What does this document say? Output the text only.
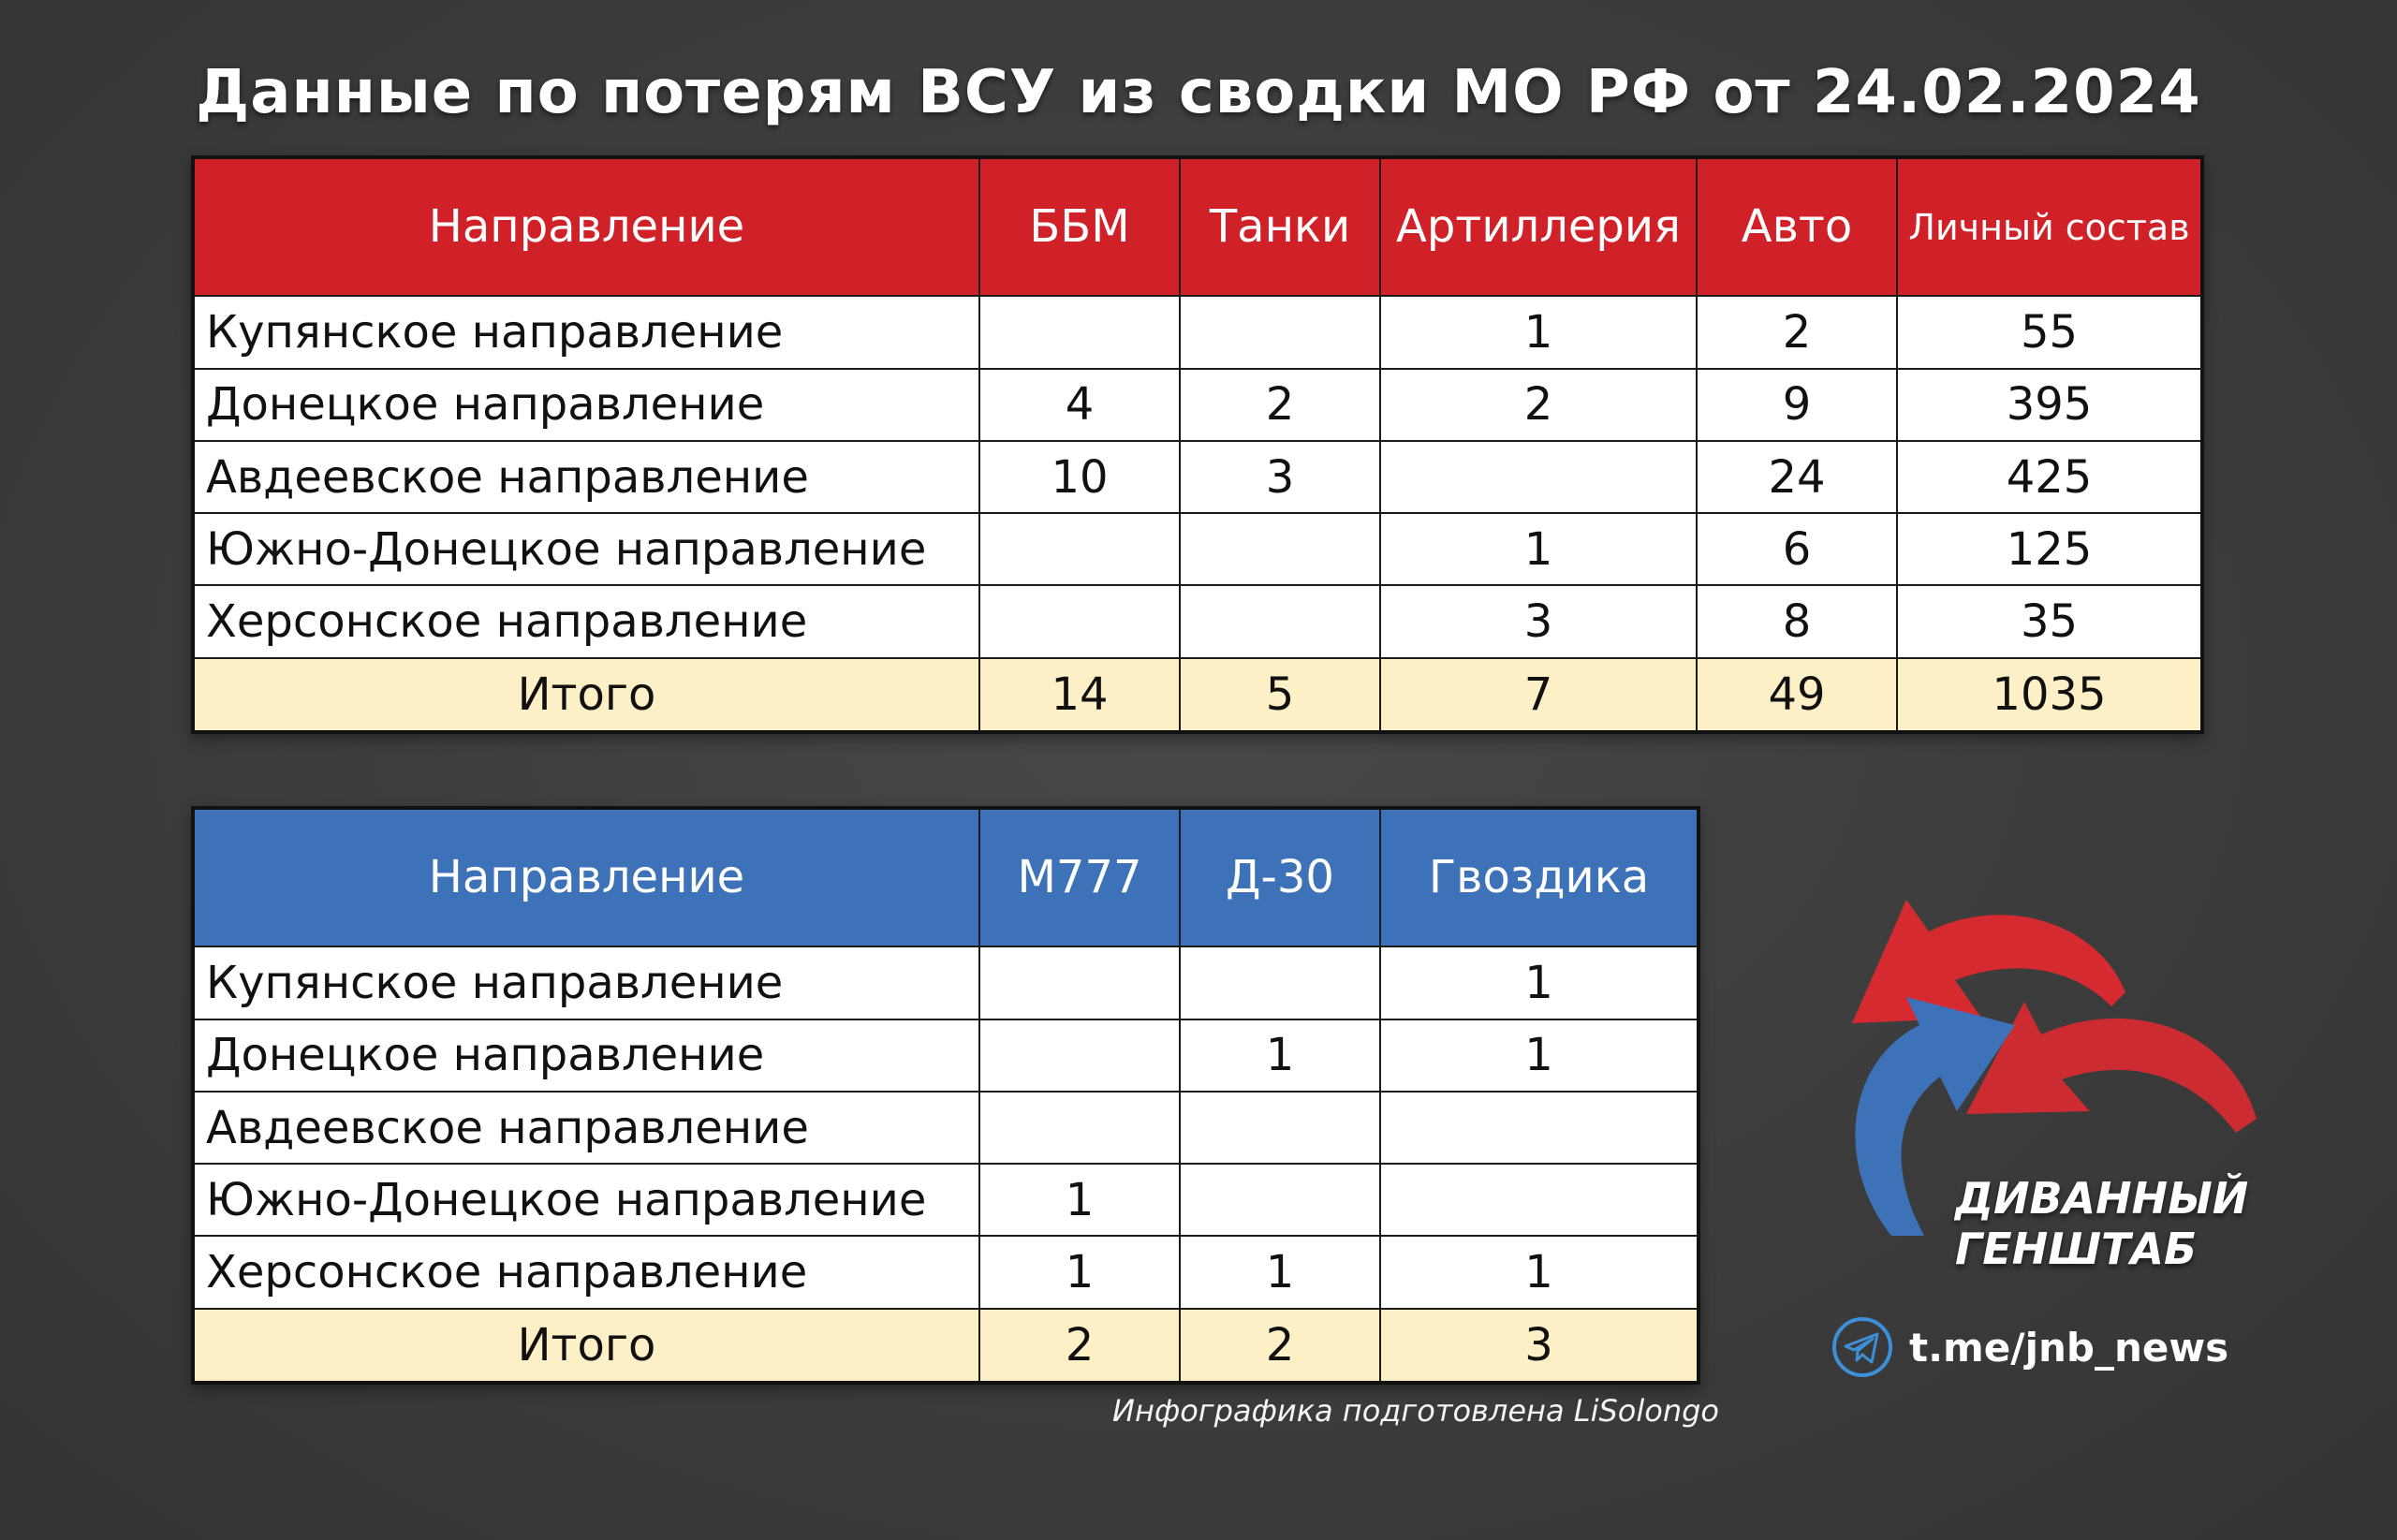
Данные по потерям ВСУ из сводки МО РФ от 24.02.2024
Направление	ББМ	Танки	Артиллерия	Авто	Личный состав
Купянское направление			1	2	55
Донецкое направление	4	2	2	9	395
Авдеевское направление	10	3		24	425
Южно-Донецкое направление			1	6	125
Херсонское направление			3	8	35
Итого	14	5	7	49	1035
Направление	M777	Д-30	Гвоздика
Купянское направление			1
Донецкое направление		1	1
Авдеевское направление			
Южно-Донецкое направление	1		
Херсонское направление	1	1	1
Итого	2	2	3
Инфографика подготовлена LiSolongo
ДИВАННЫЙ
ГЕНШТАБ
t.me/jnb_news
